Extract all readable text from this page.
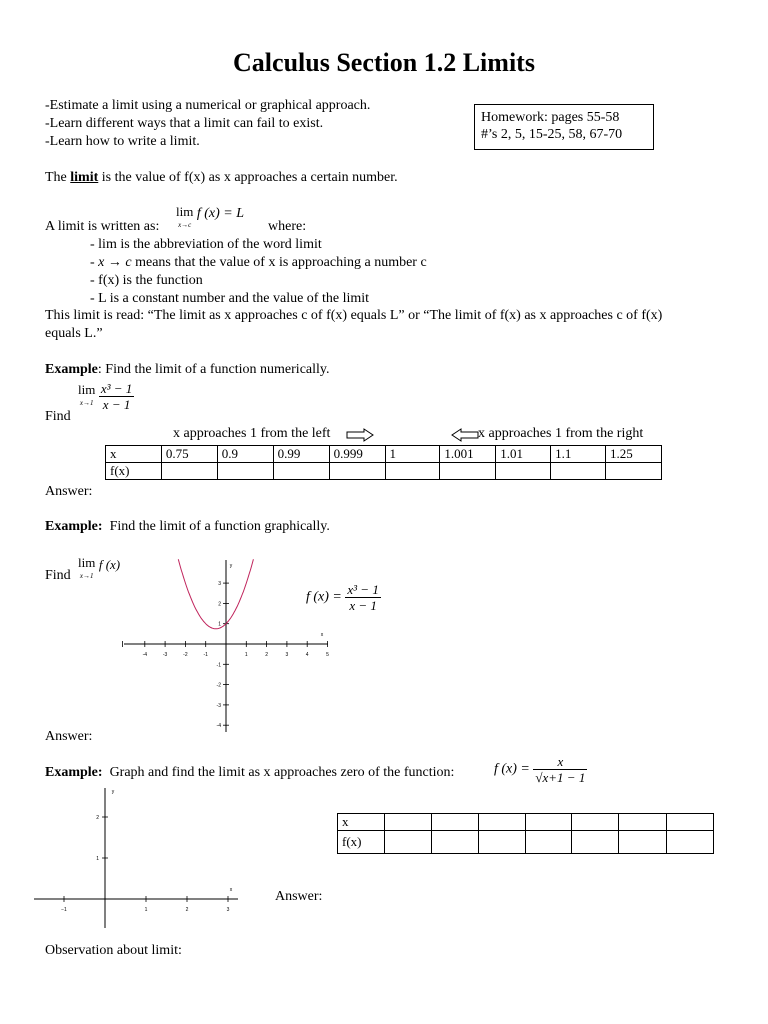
Calculus Section 1.2 Limits
-Estimate a limit using a numerical or graphical approach.
-Learn different ways that a limit can fail to exist.
-Learn how to write a limit.
Homework: pages 55-58
#’s 2, 5, 15-25, 58, 67-70
The limit is the value of f(x) as x approaches a certain number.
A limit is written as:
lim
x→c
f (x) = L
where:
- lim is the abbreviation of the word limit
- x → c means that the value of x is approaching a number c
- f(x) is the function
- L is a constant number and the value of the limit
This limit is read: “The limit as x approaches c of f(x) equals L” or “The limit of f(x) as x approaches c of f(x)
equals L.”
Example: Find the limit of a function numerically.
Find
lim
x→1
$\frac{\text{x³ − 1}}{x - 1}$
x approaches 1 from the left	x approaches 1 from the right
x	0.75	0.9	0.99	0.999	1	1.001	1.01	1.1	1.25
f(x)									
Answer:
Example:  Find the limit of a function graphically.
Find
lim
x→1
f (x)
-4	-3	-2	-1	1	2	3	4	5
3
2
1
-1
-2
-3
-4
x
y
f $(x) = \frac{\text{x³ − 1}}{x - 1}$
Answer:
Example:  Graph and find the limit as x approaches zero of the function:	f $(x) = \frac{x}{√x+1 - 1}$
−1	1	2	3
2
1
x
y
x							
f(x)							
Answer:
Observation about limit:
